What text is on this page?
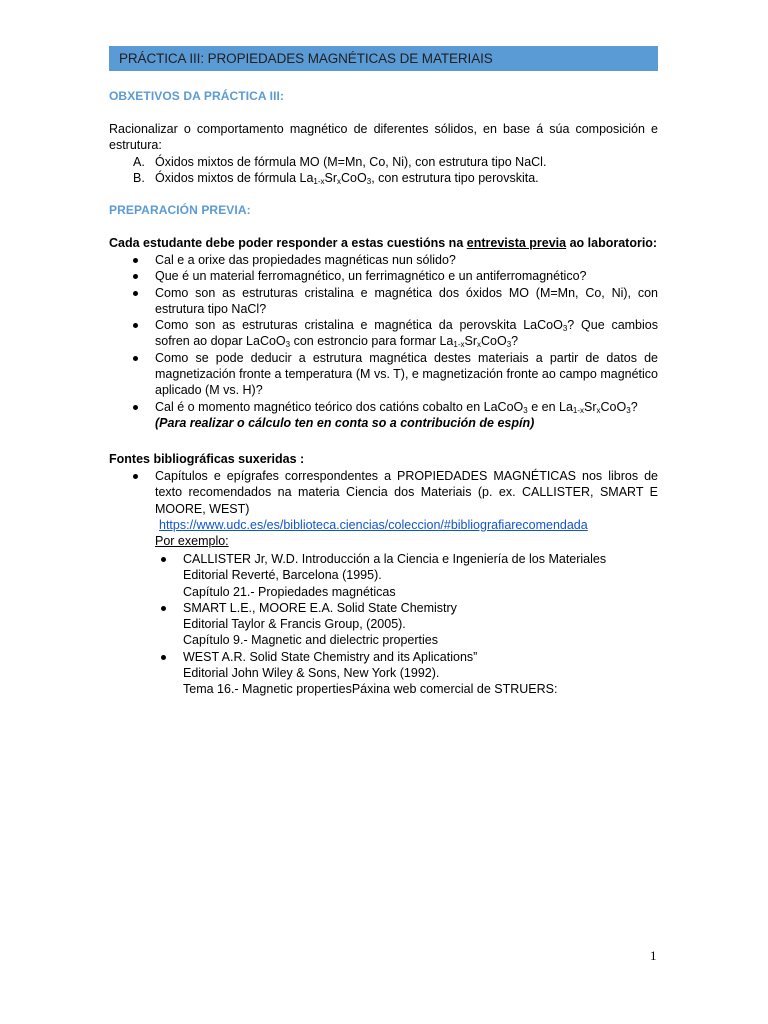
PRÁCTICA III: PROPIEDADES MAGNÉTICAS DE MATERIAIS
OBXETIVOS DA PRÁCTICA III:
Racionalizar o comportamento magnético de diferentes sólidos, en base á súa composición e estrutura:
A. Óxidos mixtos de fórmula MO (M=Mn, Co, Ni), con estrutura tipo NaCl.
B. Óxidos mixtos de fórmula $La_{1-x}Sr_xCoO_3$, con estrutura tipo perovskita.
PREPARACIÓN PREVIA:
Cada estudante debe poder responder a estas cuestións na entrevista previa ao laboratorio:
Cal e a orixe das propiedades magnéticas nun sólido?
Que é un material ferromagnético, un ferrimagnético e un antiferromagnético?
Como son as estruturas cristalina e magnética dos óxidos MO (M=Mn, Co, Ni), con estrutura tipo NaCl?
Como son as estruturas cristalina e magnética da perovskita LaCoO$_3$? Que cambios sofren ao dopar LaCoO$_3$ con estroncio para formar $La_{1-x}Sr_xCoO_3$?
Como se pode deducir a estrutura magnética destes materiais a partir de datos de magnetización fronte a temperatura (M vs. T), e magnetización fronte ao campo magnético aplicado (M vs. H)?
Cal é o momento magnético teórico dos catións cobalto en LaCoO$_3$ e en $La_{1-x}Sr_xCoO_3$?
(Para realizar o cálculo ten en conta so a contribución de espín)
Fontes bibliográficas suxeridas :
Capítulos e epígrafes correspondentes a PROPIEDADES MAGNÉTICAS nos libros de texto recomendados na materia Ciencia dos Materiais (p. ex. CALLISTER, SMART E MOORE, WEST)
https://www.udc.es/es/biblioteca.ciencias/coleccion/#bibliografiarecomendada
Por exemplo:
CALLISTER Jr, W.D. Introducción a la Ciencia e Ingeniería de los Materiales
Editorial Reverté, Barcelona (1995).
Capítulo 21.- Propiedades magnéticas
SMART L.E., MOORE E.A. Solid State Chemistry
Editorial Taylor & Francis Group, (2005).
Capítulo 9.- Magnetic and dielectric properties
WEST A.R. Solid State Chemistry and its Aplications”
Editorial John Wiley & Sons, New York (1992).
Tema 16.- Magnetic propertiesPáxina web comercial de STRUERS:
1
